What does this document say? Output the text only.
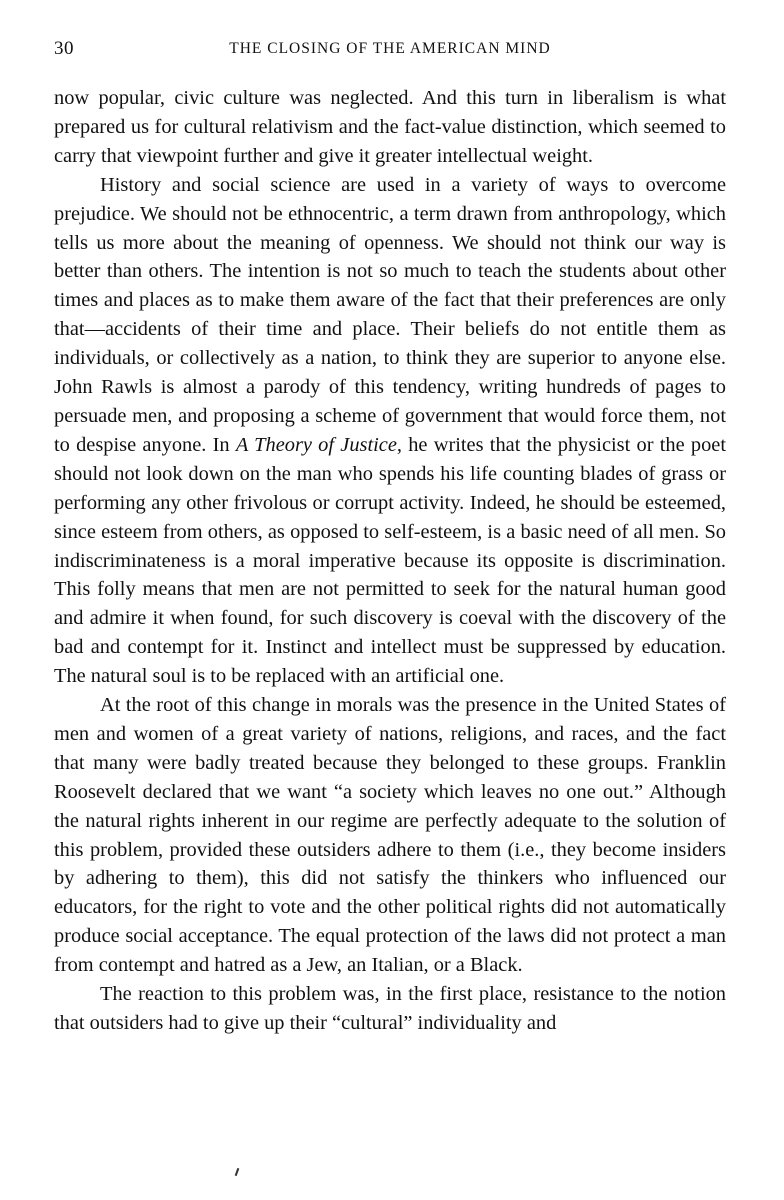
30	THE CLOSING OF THE AMERICAN MIND

now popular, civic culture was neglected. And this turn in liberalism is what prepared us for cultural relativism and the fact-value distinction, which seemed to carry that viewpoint further and give it greater intellectual weight.

History and social science are used in a variety of ways to overcome prejudice. We should not be ethnocentric, a term drawn from anthropology, which tells us more about the meaning of openness. We should not think our way is better than others. The intention is not so much to teach the students about other times and places as to make them aware of the fact that their preferences are only that—accidents of their time and place. Their beliefs do not entitle them as individuals, or collectively as a nation, to think they are superior to anyone else. John Rawls is almost a parody of this tendency, writing hundreds of pages to persuade men, and proposing a scheme of government that would force them, not to despise anyone. In A Theory of Justice, he writes that the physicist or the poet should not look down on the man who spends his life counting blades of grass or performing any other frivolous or corrupt activity. Indeed, he should be esteemed, since esteem from others, as opposed to self-esteem, is a basic need of all men. So indiscriminateness is a moral imperative because its opposite is discrimination. This folly means that men are not permitted to seek for the natural human good and admire it when found, for such discovery is coeval with the discovery of the bad and contempt for it. Instinct and intellect must be suppressed by education. The natural soul is to be replaced with an artificial one.

At the root of this change in morals was the presence in the United States of men and women of a great variety of nations, religions, and races, and the fact that many were badly treated because they belonged to these groups. Franklin Roosevelt declared that we want “a society which leaves no one out.” Although the natural rights inherent in our regime are perfectly adequate to the solution of this problem, provided these outsiders adhere to them (i.e., they become insiders by adhering to them), this did not satisfy the thinkers who influenced our educators, for the right to vote and the other political rights did not automatically produce social acceptance. The equal protection of the laws did not protect a man from contempt and hatred as a Jew, an Italian, or a Black.

The reaction to this problem was, in the first place, resistance to the notion that outsiders had to give up their “cultural” individuality and
